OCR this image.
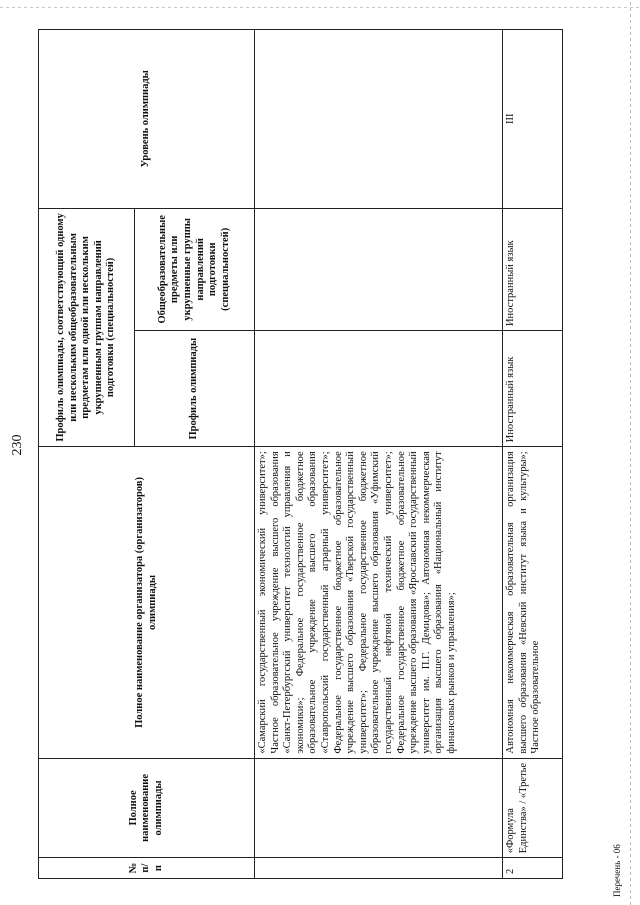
230
№ п/п	Полное наименование олимпиады	Полное наименование организатора (организаторов) олимпиады	Профиль олимпиады, соответствующий одному или нескольким общеобразовательным предметам или одной или нескольким укрупненным группам направлений подготовки (специальностей)		Уровень олимпиады
			Профиль олимпиады	Общеобразовательные предметы или укрупненные группы направлений подготовки (специальностей)	
		«Самарский государственный экономический университет»; Частное образовательное учреждение высшего образования «Санкт-Петербургский университет технологий управления и экономики»; Федеральное государственное бюджетное образовательное учреждение высшего образования «Ставропольский государственный аграрный университет»; Федеральное государственное бюджетное образовательное учреждение высшего образования «Тверской государственный университет»; Федеральное государственное бюджетное образовательное учреждение высшего образования «Уфимский государственный нефтяной технический университет»; Федеральное государственное бюджетное образовательное учреждение высшего образования «Ярославский государственный университет им. П.Г. Демидова»; Автономная некоммерческая организация высшего образования «Национальный институт финансовых рынков и управления»;			
2	«Формула Единства» / «Третье	Автономная некоммерческая образовательная организация высшего образования «Невский институт языка и культуры»; Частное образовательное	Иностранный язык	Иностранный язык	III
Перечень - 06
